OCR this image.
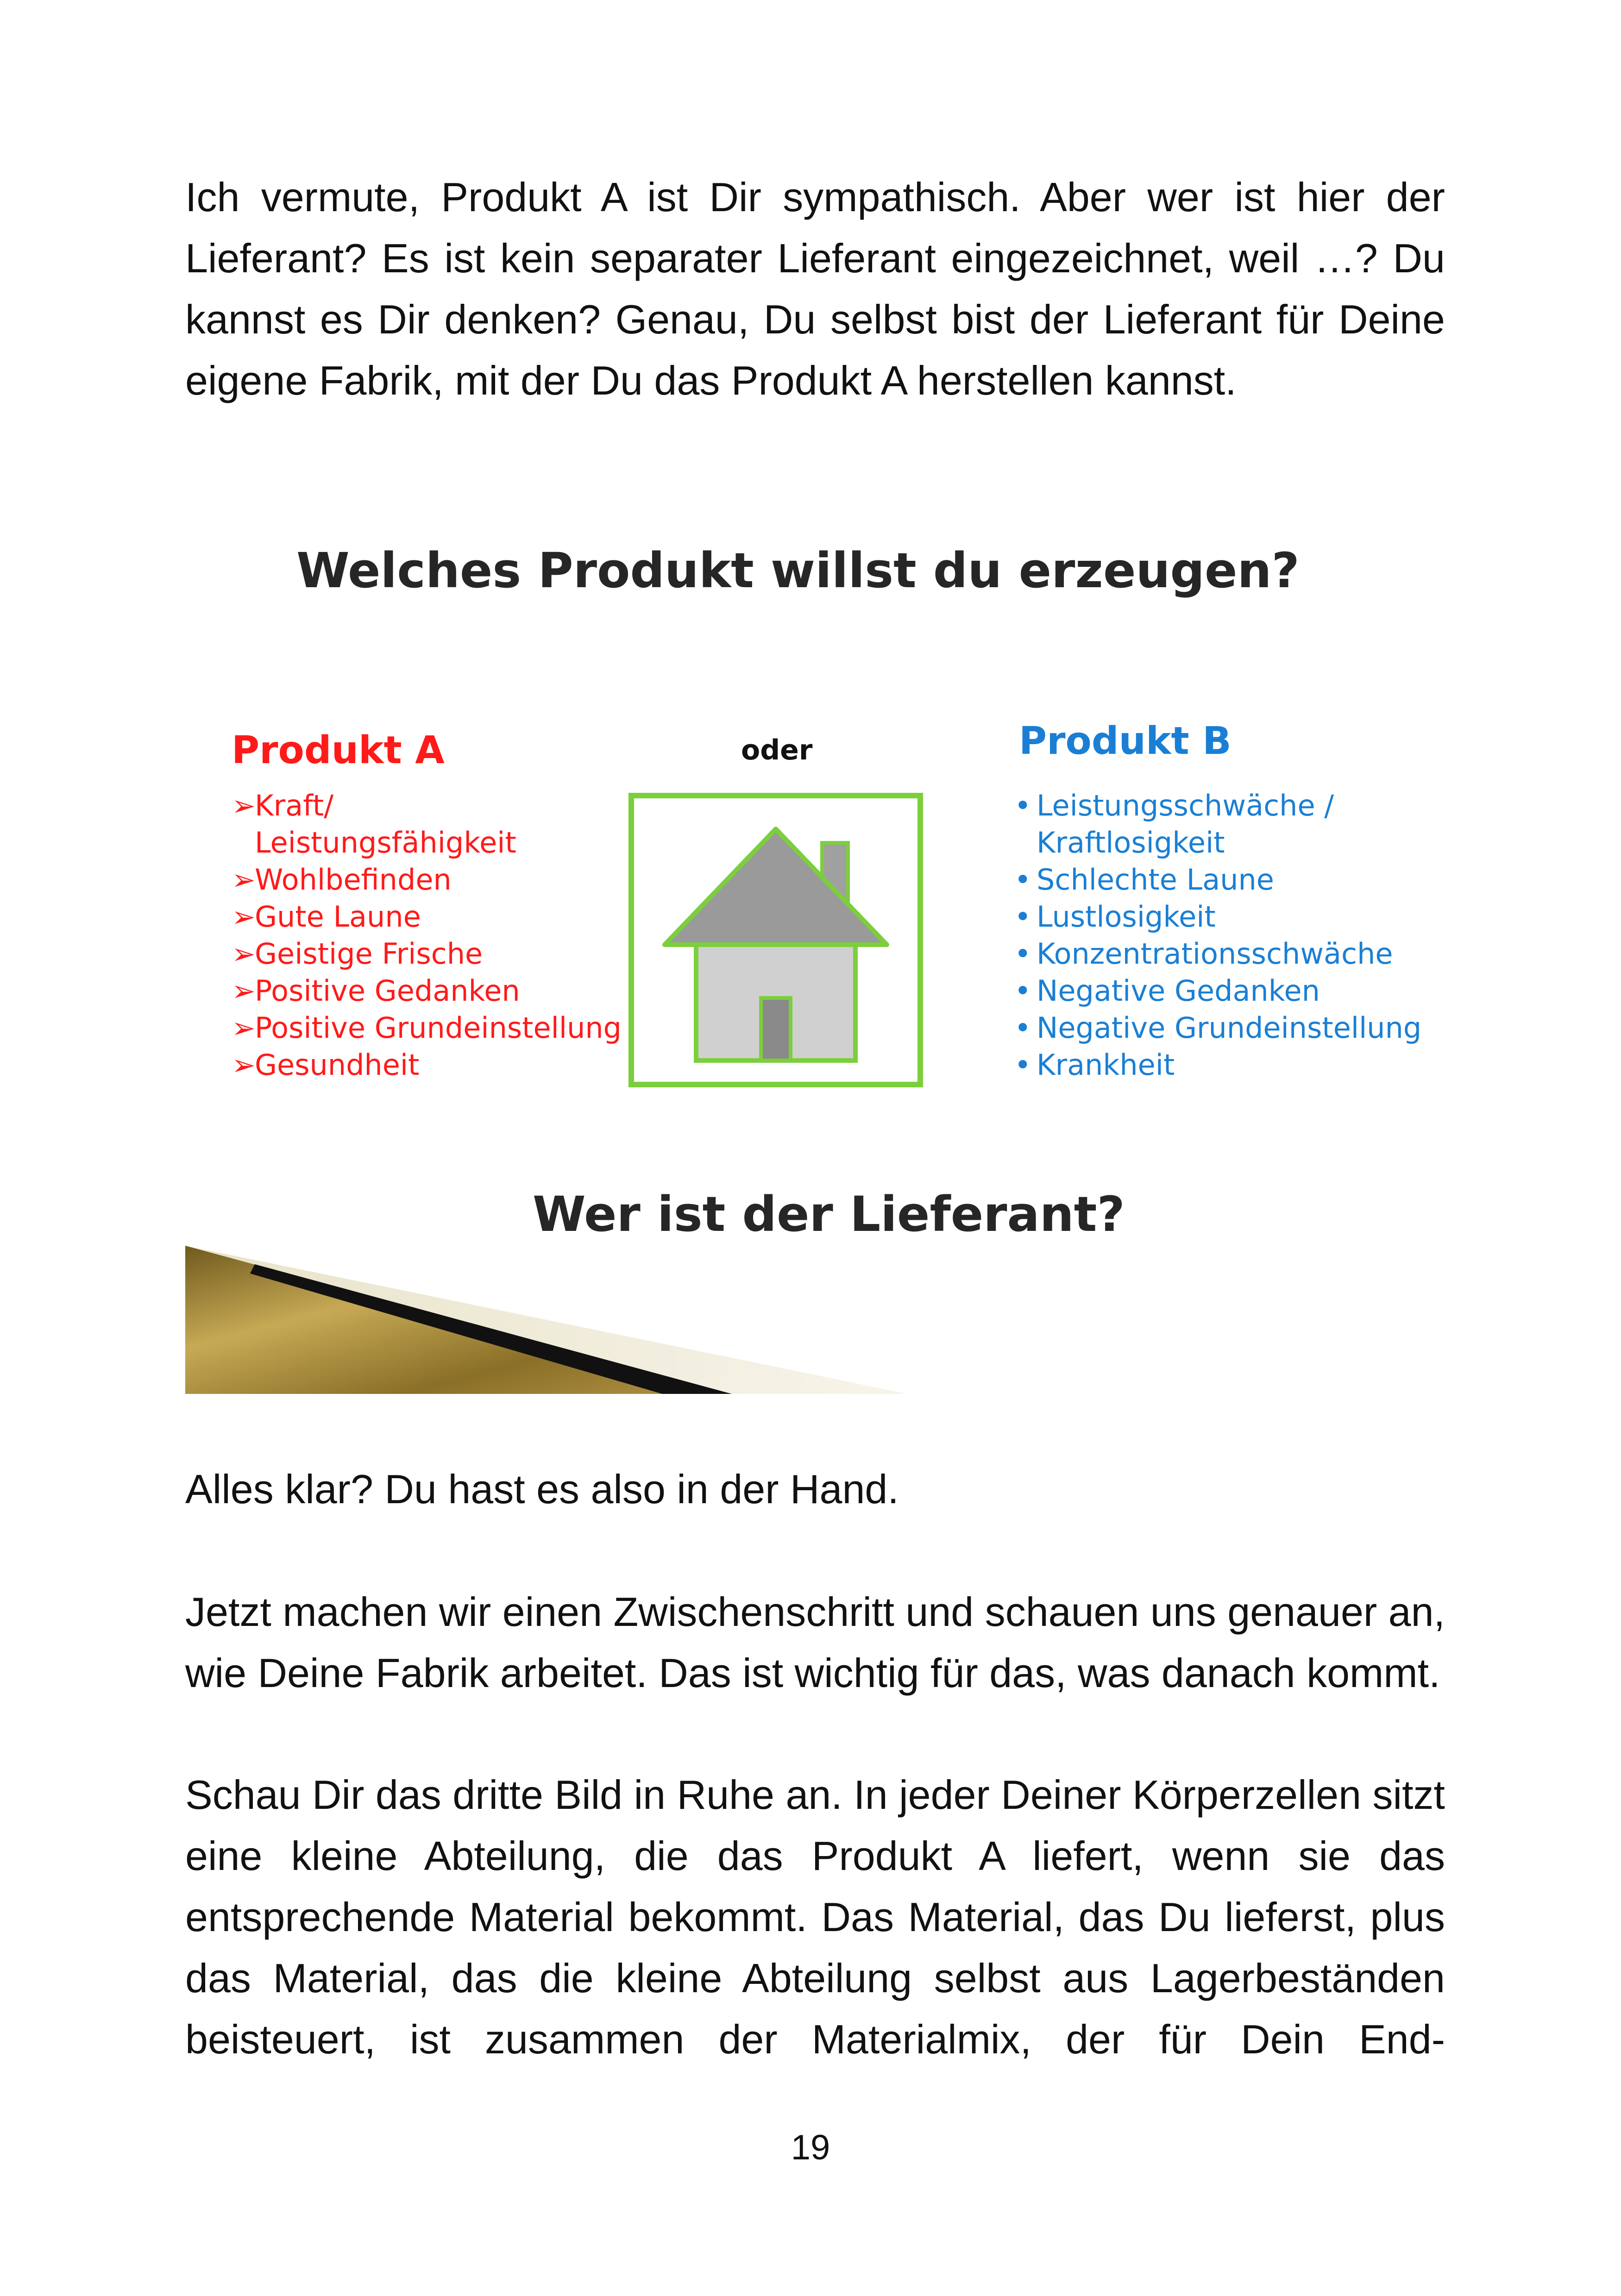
Ich vermute, Produkt A ist Dir sympathisch. Aber wer ist hier der Lieferant? Es ist kein separater Lieferant eingezeichnet, weil …? Du kannst es Dir denken? Genau, Du selbst bist der Lieferant für Deine eigene Fabrik, mit der Du das Produkt A herstellen kannst.

Welches Produkt willst du erzeugen?
Produkt A
➢Kraft/
Leistungsfähigkeit
➢Wohlbefinden
➢Gute Laune
➢Geistige Frische
➢Positive Gedanken
➢Positive Grundeinstellung
➢Gesundheit
oder	Produkt B
• Leistungsschwäche /
Kraftlosigkeit
• Schlechte Laune
• Lustlosigkeit
• Konzentrationsschwäche
• Negative Gedanken
• Negative Grundeinstellung
• Krankheit
Wer ist der Lieferant?

Alles klar? Du hast es also in der Hand.

Jetzt machen wir einen Zwischenschritt und schauen uns genauer an, wie Deine Fabrik arbeitet. Das ist wichtig für das, was danach kommt.

Schau Dir das dritte Bild in Ruhe an. In jeder Deiner Körperzellen sitzt eine kleine Abteilung, die das Produkt A liefert, wenn sie das entsprechende Material bekommt. Das Material, das Du lieferst, plus das Material, das die kleine Abteilung selbst aus Lagerbeständen beisteuert, ist zusammen der Materialmix, der für Dein End-

19
